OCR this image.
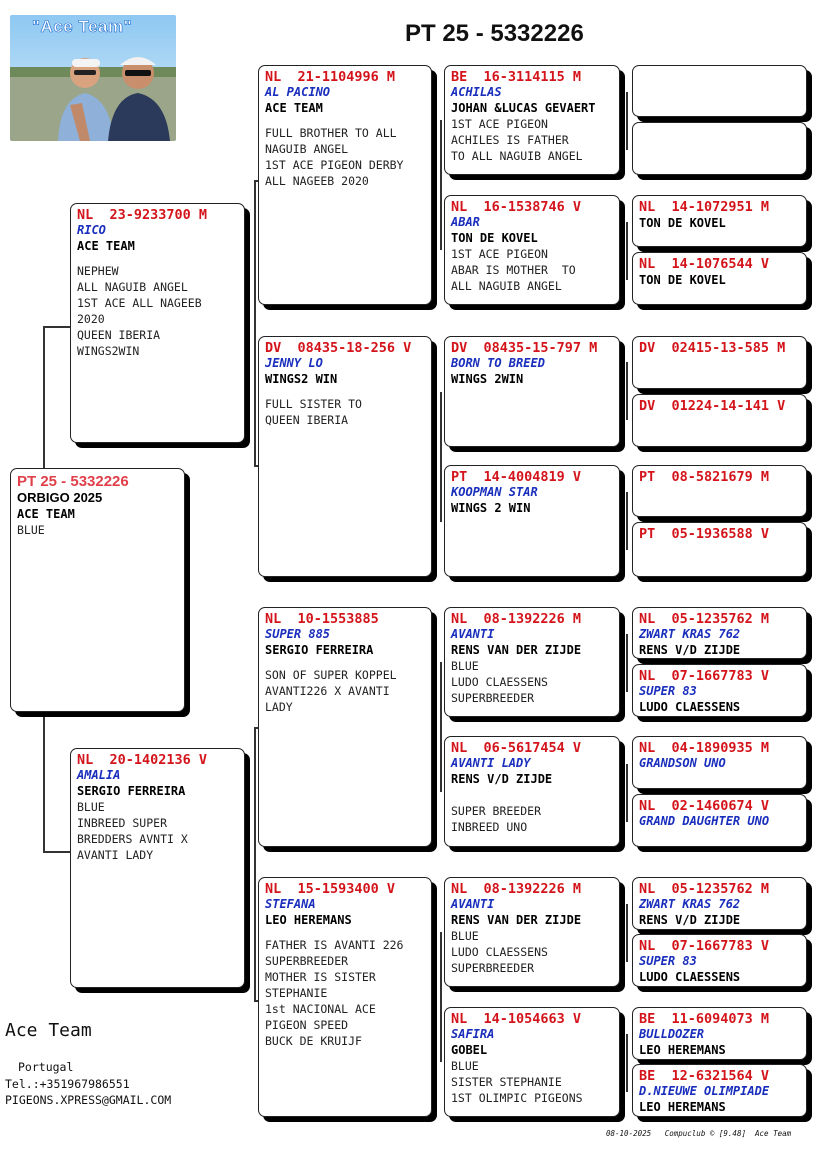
"Ace Team"	PT 25 - 5332226
PT 25 - 5332226
ORBIGO 2025
ACE TEAM
BLUE
NL  23-9233700 M
RICO
ACE TEAM
NEPHEW
ALL NAGUIB ANGEL
1ST ACE ALL NAGEEB
2020
QUEEN IBERIA
WINGS2WIN
NL  20-1402136 V
AMALIA
SERGIO FERREIRA
BLUE
INBREED SUPER
BREDDERS AVNTI X
AVANTI LADY
NL  21-1104996 M
AL PACINO
ACE TEAM
FULL BROTHER TO ALL
NAGUIB ANGEL
1ST ACE PIGEON DERBY
ALL NAGEEB 2020
DV  08435-18-256 V
JENNY LO
WINGS2 WIN
FULL SISTER TO
QUEEN IBERIA
NL  10-1553885
SUPER 885
SERGIO FERREIRA
SON OF SUPER KOPPEL
AVANTI226 X AVANTI
LADY
NL  15-1593400 V
STEFANA
LEO HEREMANS
FATHER IS AVANTI 226
SUPERBREEDER
MOTHER IS SISTER
STEPHANIE
1st NACIONAL ACE
PIGEON SPEED
BUCK DE KRUIJF
BE  16-3114115 M
ACHILAS
JOHAN &LUCAS GEVAERT
1ST ACE PIGEON
ACHILES IS FATHER
TO ALL NAGUIB ANGEL
NL  16-1538746 V
ABAR
TON DE KOVEL
1ST ACE PIGEON
ABAR IS MOTHER  TO
ALL NAGUIB ANGEL
DV  08435-15-797 M
BORN TO BREED
WINGS 2WIN
PT  14-4004819 V
KOOPMAN STAR
WINGS 2 WIN
NL  08-1392226 M
AVANTI
RENS VAN DER ZIJDE
BLUE
LUDO CLAESSENS
SUPERBREEDER
NL  06-5617454 V
AVANTI LADY
RENS V/D ZIJDE

SUPER BREEDER
INBREED UNO
NL  08-1392226 M
AVANTI
RENS VAN DER ZIJDE
BLUE
LUDO CLAESSENS
SUPERBREEDER
NL  14-1054663 V
SAFIRA
GOBEL
BLUE
SISTER STEPHANIE
1ST OLIMPIC PIGEONS
NL  14-1072951 M
TON DE KOVEL
NL  14-1076544 V
TON DE KOVEL
DV  02415-13-585 M
DV  01224-14-141 V
PT  08-5821679 M
PT  05-1936588 V
NL  05-1235762 M
ZWART KRAS 762
RENS V/D ZIJDE
NL  07-1667783 V
SUPER 83
LUDO CLAESSENS
NL  04-1890935 M
GRANDSON UNO
NL  02-1460674 V
GRAND DAUGHTER UNO
NL  05-1235762 M
ZWART KRAS 762
RENS V/D ZIJDE
NL  07-1667783 V
SUPER 83
LUDO CLAESSENS
BE  11-6094073 M
BULLDOZER
LEO HEREMANS
BE  12-6321564 V
D.NIEUWE OLIMPIADE
LEO HEREMANS
Ace Team
Portugal
Tel.:+351967986551
PIGEONS.XPRESS@GMAIL.COM
08-10-2025   Compuclub © [9.48]  Ace Team
